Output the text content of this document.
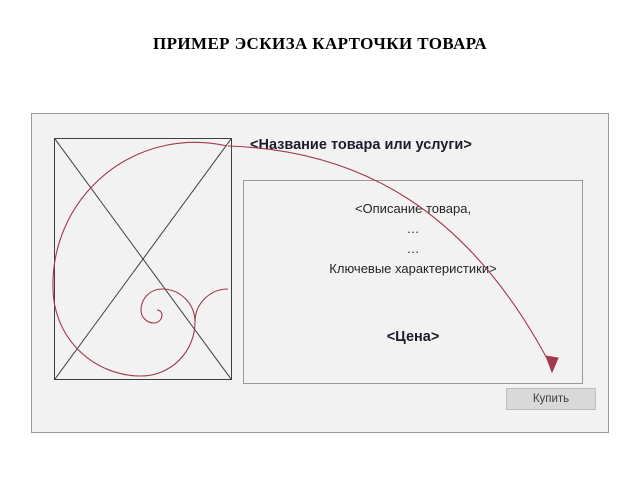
ПРИМЕР ЭСКИЗА КАРТОЧКИ ТОВАРА
<Название товара или услуги>
<Описание товара,
…
…
Ключевые характеристики>
<Цена>
Купить
